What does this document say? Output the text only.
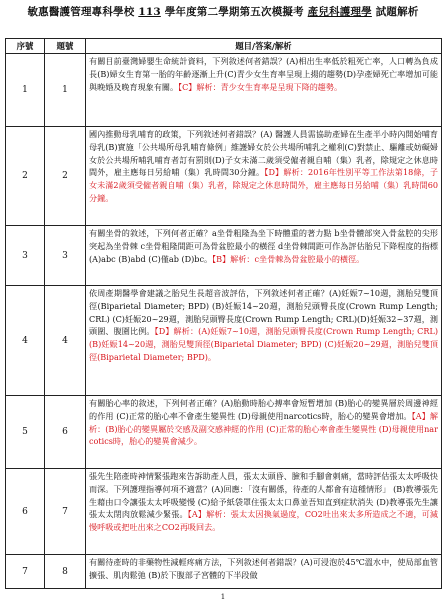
敏惠醫護管理專科學校 113 學年度第二學期第五次模擬考 產兒科護理學 試題解析
序號	題號	題目/答案/解析
1	1	有關目前臺灣婦嬰生命統計資料，下列敘述何者錯誤？(A)相出生率低於粗死亡率，人口轉為負成長(B)婦女生育第一胎的年齡逐漸上升(C)青少女生育率呈現上揚的趨勢(D)孕產婦死亡率增加可能與晚婚及晚育現象有關。【C】解析：青少女生育率是呈現下降的趨勢。
2	2	國內推動母乳哺育的政策，下列敘述何者錯誤？(A) 醫護人員需協助產婦在生產半小時內開始哺育母乳(B)實施「公共場所母乳哺育條例」維護婦女於公共場所哺乳之權利(C)對禁止、驅離或妨礙婦女於公共場所哺乳哺育者訂有罰則(D)子女未滿二歲須受僱者親自哺（集）乳者，除規定之休息時間外，雇主應每日另給哺（集）乳時間30分鐘。【D】解析：2016年性別平等工作法第18條，子女未滿2歲須受僱者親自哺（集）乳者，除規定之休息時間外，雇主應每日另給哺（集）乳時間60分鐘。
3	3	有關坐骨的敘述，下列何者正確？a坐骨粗隆為坐下時體重的著力點 b坐骨體部突入骨盆腔的尖形突起為坐骨棘 c坐骨粗隆間距可為骨盆腔最小的橫徑 d坐骨棘間距可作為評估胎兒下降程度的指標(A)abc (B)abd (C)僅ab (D)bc。【B】解析：c坐骨棘為骨盆腔最小的橫徑。
4	4	依周產期醫學會建議之胎兒生長超音波評估，下列敘述何者正確？(A)妊娠7~10週，測胎兒雙頂徑(Biparietal Diameter; BPD) (B)妊娠14~20週，測胎兒頭臀長度(Crown Rump Length; CRL) (C)妊娠20~29週，測胎兒頭臀長度(Crown Rump Length; CRL)(D)妊娠32~37週，測頭圍、腹圍比例。【D】解析：(A)妊娠7~10週，測胎兒頭臀長度(Crown Rump Length; CRL) (B)妊娠14~20週，測胎兒雙頂徑(Biparietal Diameter; BPD) (C)妊娠20~29週，測胎兒雙頂徑(Biparietal Diameter; BPD)。
5	6	有關胎心率的敘述，下列何者正確？(A)胎動時胎心搏率會短暫增加 (B)胎心的變異層於周邊神經的作用 (C)正常的胎心率不會產生變異性 (D)母親使用narcotics時，胎心的變異會增加。【A】解析：(B)胎心的變異屬於交感及副交感神經的作用 (C)正常的胎心率會產生變異性 (D)母親使用narcotics時，胎心的變異會減少。
6	7	張先生陪產時神情緊張跑來告訴助產人員，張太太頭昏、臉和手腳會刺痛，當時評估張太太呼吸快而深。下列護理指導何項不適當？(A)回應：「沒有關係，待產的人都會有這種情形」 (B)教導張先生藉由口令讓張太太呼吸變慢 (C)給予紙袋罩住張太太口鼻並吾知直到症狀消失 (D)教導張先生讓張太太閉肉放鬆減少緊張。【A】解析：張太太因換氣過度，CO2吐出來太多所造成之不適，可減慢呼吸或把吐出來之CO2再吸回去。
7	8	有關待產時的非藥物性減輕疼痛方法，下列敘述何者錯誤？(A)可浸泡於45℃溫水中，使局部血管擴張、肌肉鬆弛 (B)於下腹部子宮體的下半段做
1
